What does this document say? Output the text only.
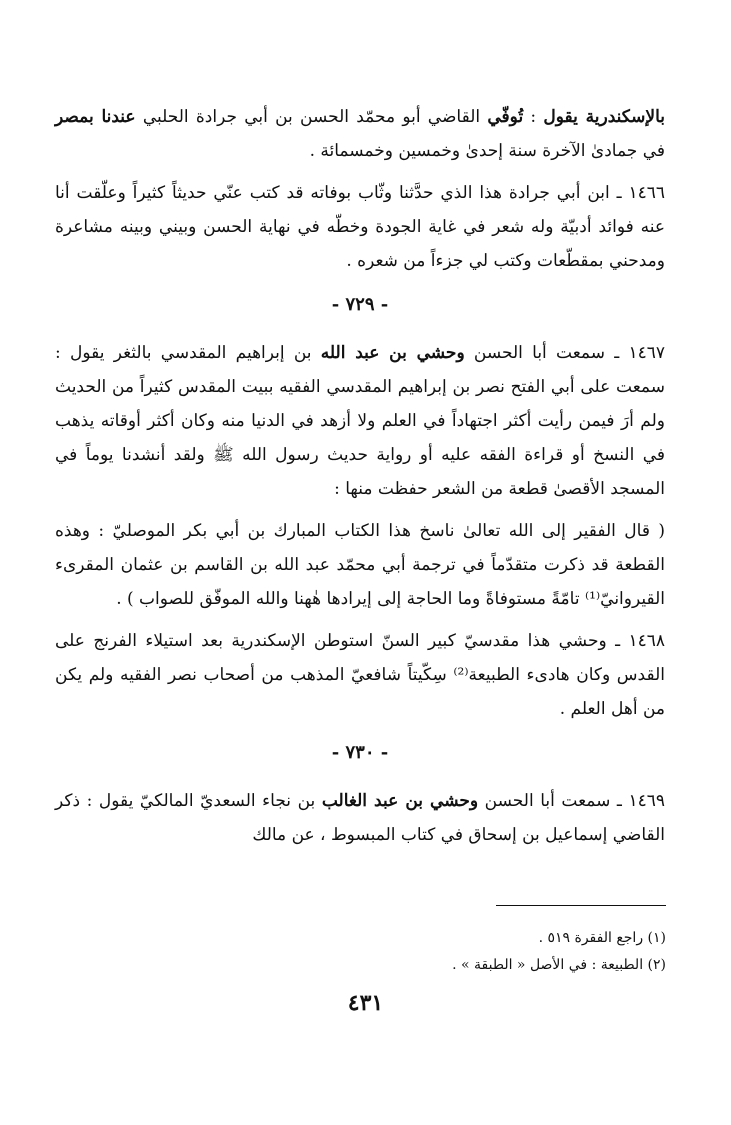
بالإسكندرية يقول : تُوفّي القاضي أبو محمّد الحسن بن أبي جرادة الحلبي عندنا بمصر في جمادىٰ الآخرة سنة إحدىٰ وخمسين وخمسمائة .

١٤٦٦ ـ ابن أبي جرادة هذا الذي حدَّثنا وثّاب بوفاته قد كتب عنّي حديثاً كثيراً وعلّقت أنا عنه فوائد أدبيّة وله شعر في غاية الجودة وخطّه في نهاية الحسن وبيني وبينه مشاعرة ومدحني بمقطّعات وكتب لي جزءاً من شعره .

- ٧٢٩ -

١٤٦٧ ـ سمعت أبا الحسن وحشي بن عبد الله بن إبراهيم المقدسي بالثغر يقول : سمعت على أبي الفتح نصر بن إبراهيم المقدسي الفقيه ببيت المقدس كثيراً من الحديث ولم أرَ فيمن رأيت أكثر اجتهاداً في العلم ولا أزهد في الدنيا منه وكان أكثر أوقاته يذهب في النسخ أو قراءة الفقه عليه أو رواية حديث رسول الله ﷺ ولقد أنشدنا يوماً في المسجد الأقصىٰ قطعة من الشعر حفظت منها :

( قال الفقير إلى الله تعالىٰ ناسخ هذا الكتاب المبارك بن أبي بكر الموصليّ : وهذه القطعة قد ذكرت متقدّماً في ترجمة أبي محمّد عبد الله بن القاسم بن عثمان المقرىء القيروانيّ⁽¹⁾ تامّةً مستوفاةً وما الحاجة إلى إيرادها هٰهنا والله الموفّق للصواب ) .

١٤٦٨ ـ وحشي هذا مقدسيّ كبير السنّ استوطن الإسكندرية بعد استيلاء الفرنج على القدس وكان هادىء الطبيعة⁽²⁾ سِكّيتاً شافعيّ المذهب من أصحاب نصر الفقيه ولم يكن من أهل العلم .

- ٧٣٠ -

١٤٦٩ ـ سمعت أبا الحسن وحشي بن عبد الغالب بن نجاء السعديّ المالكيّ يقول : ذكر القاضي إسماعيل بن إسحاق في كتاب المبسوط ، عن مالك

(١) راجع الفقرة ٥١٩ .

(٢) الطبيعة : في الأصل « الطبقة » .

٤٣١
